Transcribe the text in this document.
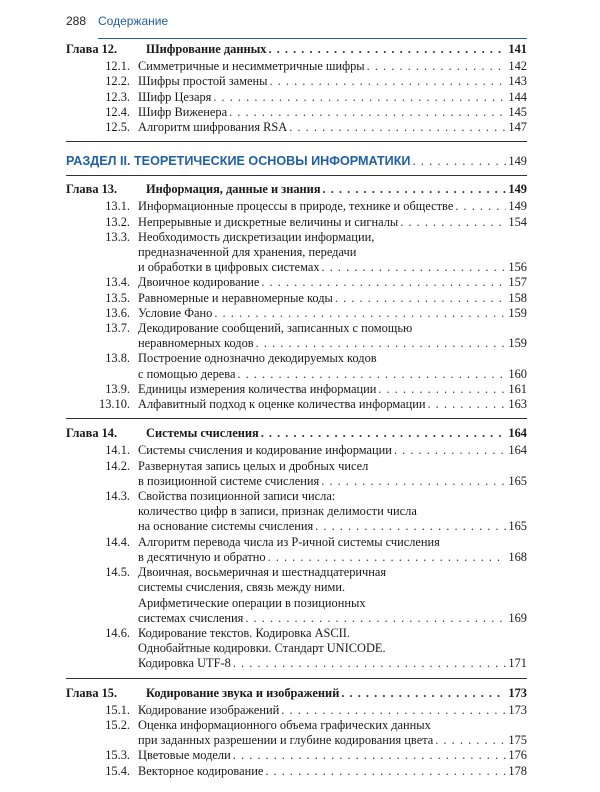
288 Содержание
Глава 12.	Шифрование данных . . .	141
12.1. Симметричные и несимметричные шифры . . .	142
12.2. Шифры простой замены . . .	143
12.3. Шифр Цезаря . . .	144
12.4. Шифр Виженера . . .	145
12.5. Алгоритм шифрования RSA . . .	147
РАЗДЕЛ II. ТЕОРЕТИЧЕСКИЕ ОСНОВЫ ИНФОРМАТИКИ . . .	149
Глава 13.	Информация, данные и знания . . .	149
13.1. Информационные процессы в природе, технике и обществе . . .	149
13.2. Непрерывные и дискретные величины и сигналы . . .	154
13.3. Необходимость дискретизации информации,
предназначенной для хранения, передачи
и обработки в цифровых системах . . .	156
13.4. Двоичное кодирование . . .	157
13.5. Равномерные и неравномерные коды . . .	158
13.6. Условие Фано . . .	159
13.7. Декодирование сообщений, записанных с помощью
неравномерных кодов . . .	159
13.8. Построение однозначно декодируемых кодов
с помощью дерева . . .	160
13.9. Единицы измерения количества информации . . .	161
13.10. Алфавитный подход к оценке количества информации . . .	163
Глава 14.	Системы счисления . . .	164
14.1. Системы счисления и кодирование информации . . .	164
14.2. Развернутая запись целых и дробных чисел
в позиционной системе счисления . . .	165
14.3. Свойства позиционной записи числа:
количество цифр в записи, признак делимости числа
на основание системы счисления . . .	165
14.4. Алгоритм перевода числа из Р-ичной системы счисления
в десятичную и обратно . . .	168
14.5. Двоичная, восьмеричная и шестнадцатеричная
системы счисления, связь между ними.
Арифметические операции в позиционных
системах счисления . . .	169
14.6. Кодирование текстов. Кодировка ASCII.
Однобайтные кодировки. Стандарт UNICODE.
Кодировка UTF-8 . . .	171
Глава 15.	Кодирование звука и изображений . . .	173
15.1. Кодирование изображений . . .	173
15.2. Оценка информационного объема графических данных
при заданных разрешении и глубине кодирования цвета . . .	175
15.3. Цветовые модели . . .	176
15.4. Векторное кодирование . . .	178
